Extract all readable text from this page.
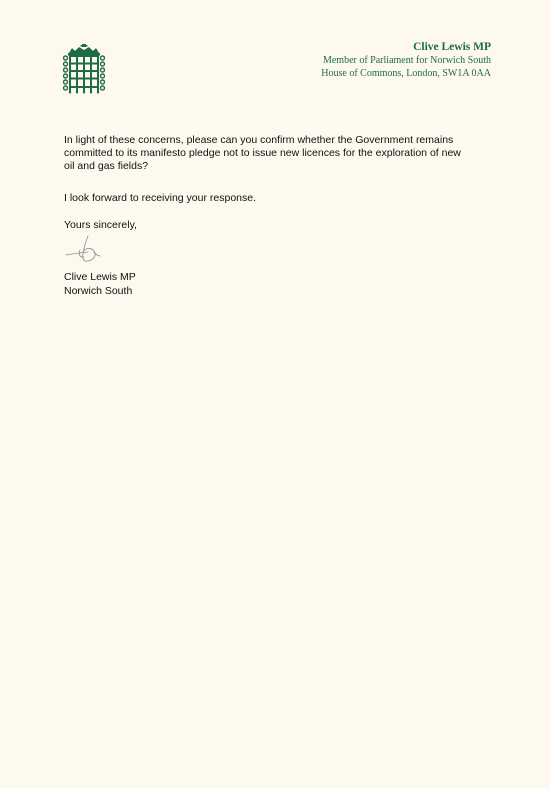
Clive Lewis MP
Member of Parliament for Norwich South
House of Commons, London, SW1A 0AA
In light of these concerns, please can you confirm whether the Government remains committed to its manifesto pledge not to issue new licences for the exploration of new oil and gas fields?
I look forward to receiving your response.
Yours sincerely,
Clive Lewis MP
Norwich South
